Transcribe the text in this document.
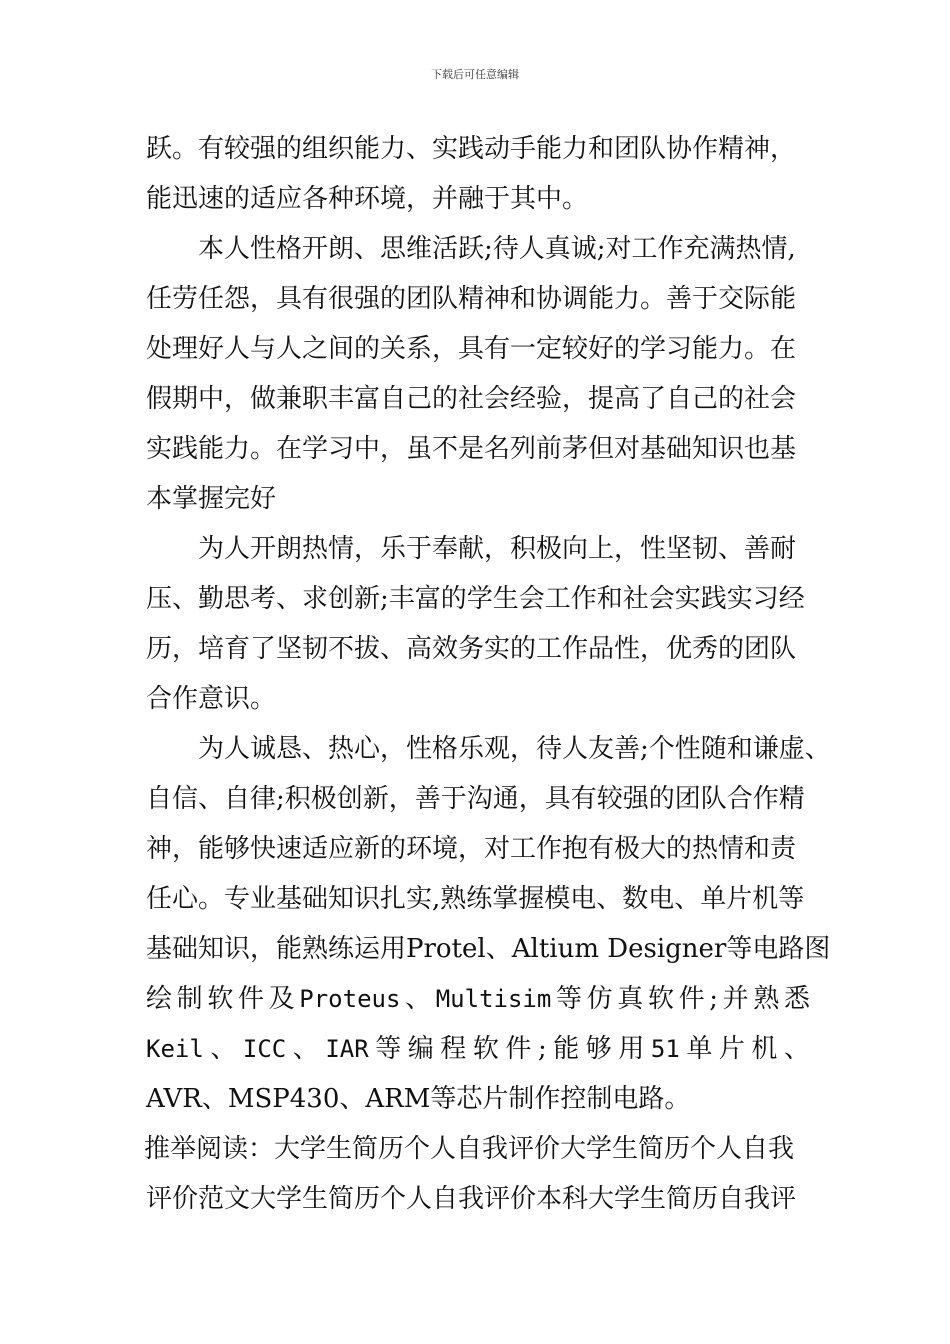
下载后可任意编辑
跃。有较强的组织能力、实践动手能力和团队协作精神，
能迅速的适应各种环境，并融于其中。
本人性格开朗、思维活跃;待人真诚;对工作充满热情,
任劳任怨，具有很强的团队精神和协调能力。善于交际能
处理好人与人之间的关系，具有一定较好的学习能力。在
假期中，做兼职丰富自己的社会经验，提高了自己的社会
实践能力。在学习中，虽不是名列前茅但对基础知识也基
本掌握完好
为人开朗热情，乐于奉献，积极向上，性坚韧、善耐
压、勤思考、求创新;丰富的学生会工作和社会实践实习经
历，培育了坚韧不拔、高效务实的工作品性，优秀的团队
合作意识。
为人诚恳、热心，性格乐观，待人友善;个性随和谦虚、
自信、自律;积极创新，善于沟通，具有较强的团队合作精
神，能够快速适应新的环境，对工作抱有极大的热情和责
任心。专业基础知识扎实,熟练掌握模电、数电、单片机等
基础知识，能熟练运用Protel、Altium Designer等电路图
绘 制 软 件 及 Proteus 、 Multisim 等 仿 真 软 件 ; 并 熟 悉
Keil 、 ICC 、 IAR 等 编 程 软 件 ; 能 够 用 51 单 片 机 、
AVR、MSP430、ARM等芯片制作控制电路。
推举阅读：大学生简历个人自我评价大学生简历个人自我
评价范文大学生简历个人自我评价本科大学生简历自我评
